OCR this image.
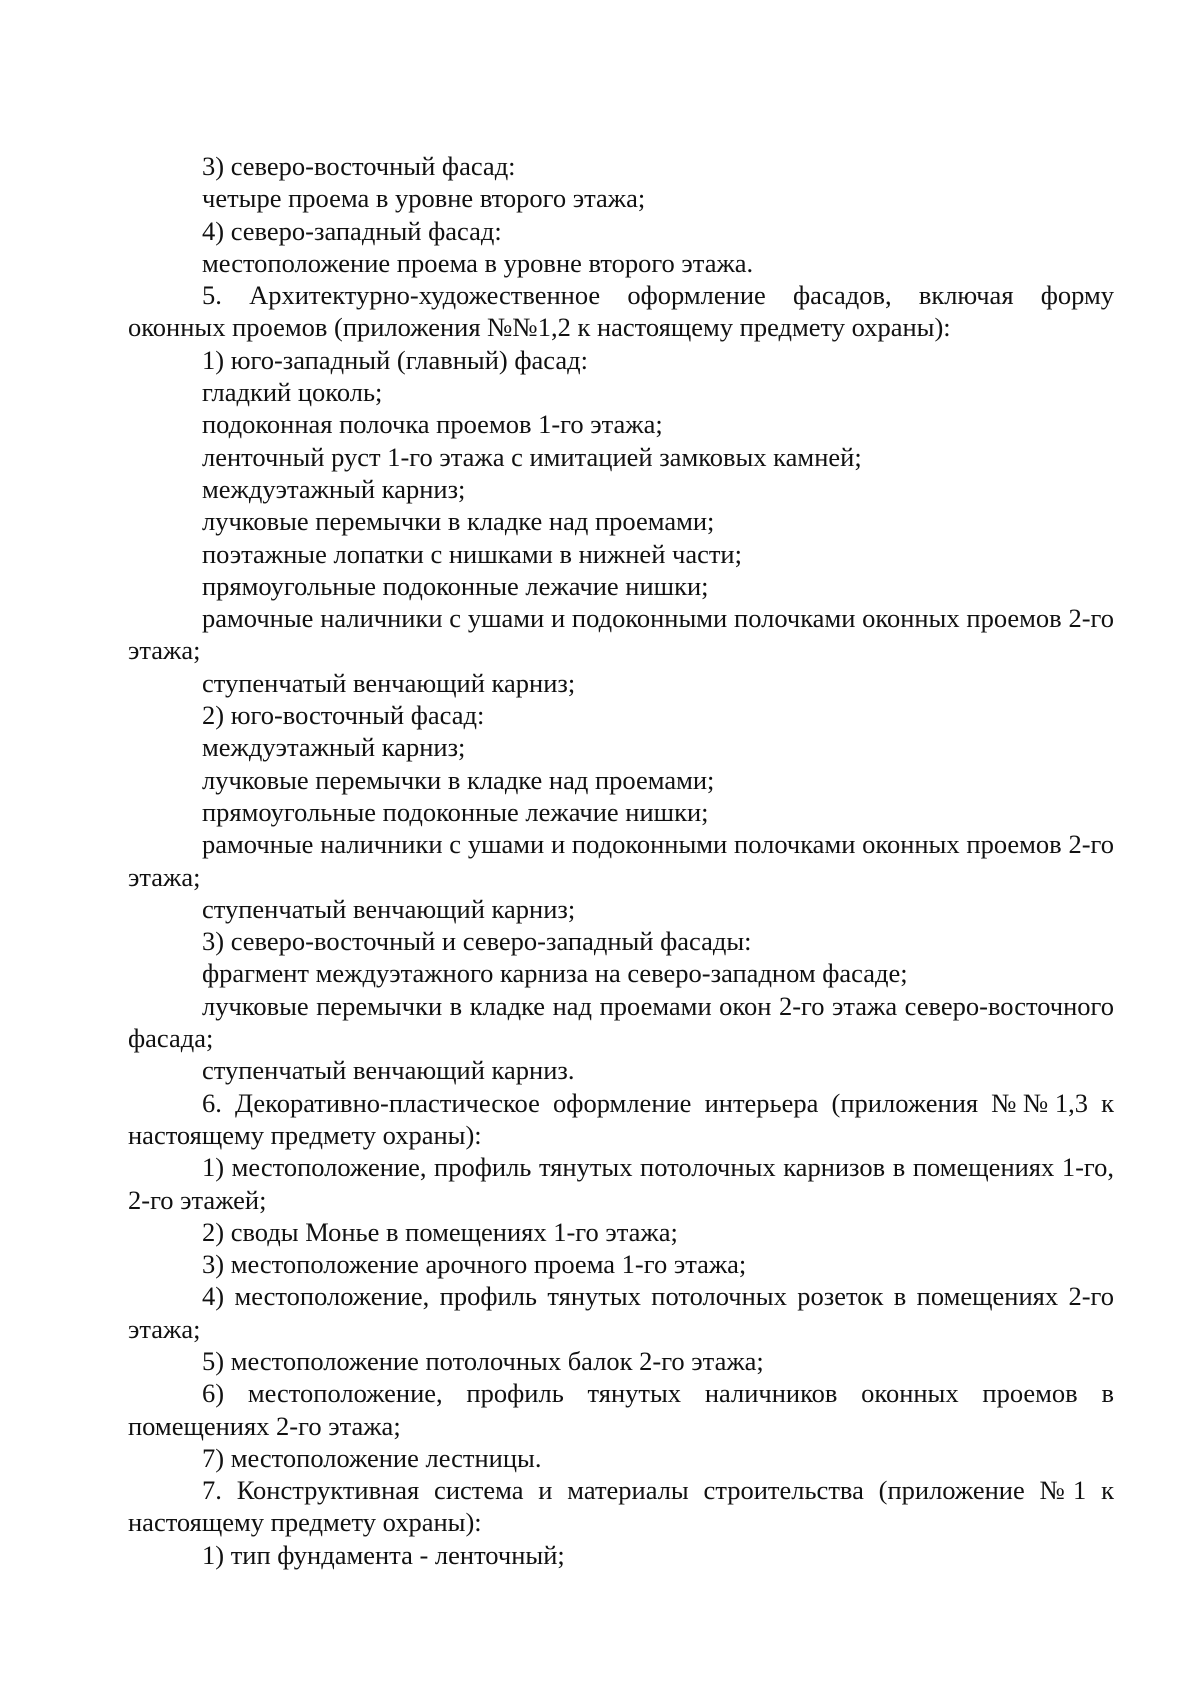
3) северо-восточный фасад:

четыре проема в уровне второго этажа;

4) северо-западный фасад:

местоположение проема в уровне второго этажа.

5. Архитектурно-художественное оформление фасадов, включая форму оконных проемов (приложения №№1,2 к настоящему предмету охраны):

1) юго-западный (главный) фасад:

гладкий цоколь;

подоконная полочка проемов 1-го этажа;

ленточный руст 1-го этажа с имитацией замковых камней;

междуэтажный карниз;

лучковые перемычки в кладке над проемами;

поэтажные лопатки с нишками в нижней части;

прямоугольные подоконные лежачие нишки;

рамочные наличники с ушами и подоконными полочками оконных проемов 2-го этажа;

ступенчатый венчающий карниз;

2) юго-восточный фасад:

междуэтажный карниз;

лучковые перемычки в кладке над проемами;

прямоугольные подоконные лежачие нишки;

рамочные наличники с ушами и подоконными полочками оконных проемов 2-го этажа;

ступенчатый венчающий карниз;

3) северо-восточный и северо-западный фасады:

фрагмент междуэтажного карниза на северо-западном фасаде;

лучковые перемычки в кладке над проемами окон 2-го этажа северо-восточного фасада;

ступенчатый венчающий карниз.

6. Декоративно-пластическое оформление интерьера (приложения №№1,3 к настоящему предмету охраны):

1) местоположение, профиль тянутых потолочных карнизов в помещениях 1-го, 2-го этажей;

2) своды Монье в помещениях 1-го этажа;

3) местоположение арочного проема 1-го этажа;

4) местоположение, профиль тянутых потолочных розеток в помещениях 2-го этажа;

5) местоположение потолочных балок 2-го этажа;

6) местоположение, профиль тянутых наличников оконных проемов в помещениях 2-го этажа;

7) местоположение лестницы.

7. Конструктивная система и материалы строительства (приложение №1 к настоящему предмету охраны):

1) тип фундамента - ленточный;
